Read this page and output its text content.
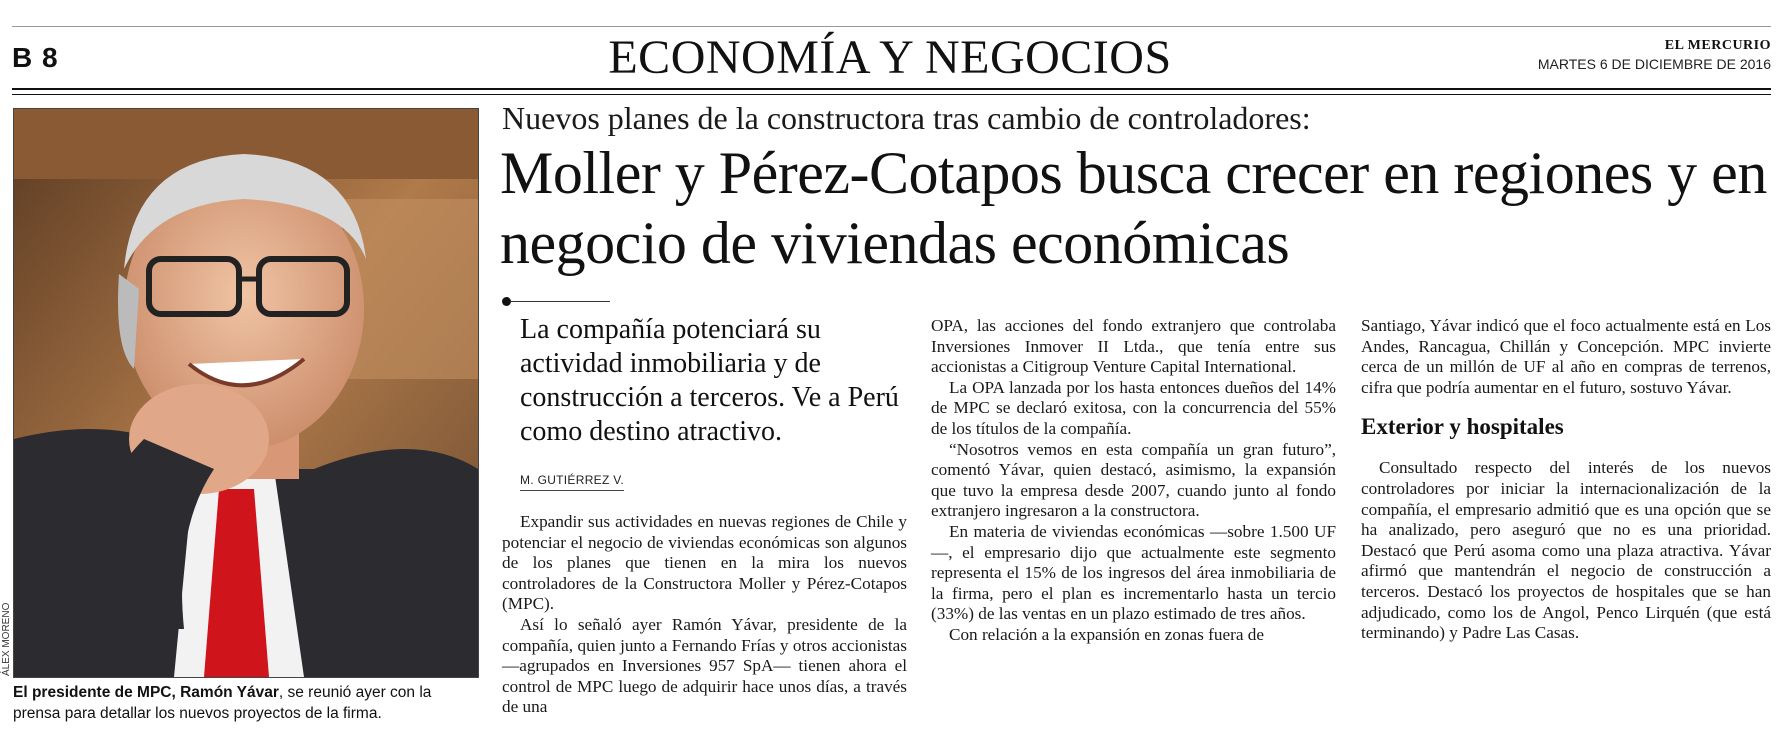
B 8	ECONOMÍA Y NEGOCIOS	EL MERCURIO
MARTES 6 DE DICIEMBRE DE 2016
ÁLEX MORENO
El presidente de MPC, Ramón Yávar, se reunió ayer con la prensa para detallar los nuevos proyectos de la firma.
Nuevos planes de la constructora tras cambio de controladores:
Moller y Pérez-Cotapos busca crecer en regiones y en negocio de viviendas económicas
La compañía potenciará su actividad inmobiliaria y de construcción a terceros. Ve a Perú como destino atractivo.
M. GUTIÉRREZ V.

Expandir sus actividades en nuevas regiones de Chile y potenciar el negocio de viviendas económicas son algunos de los planes que tienen en la mira los nuevos controladores de la Constructora Moller y Pérez-Cotapos (MPC).

Así lo señaló ayer Ramón Yávar, presidente de la compañía, quien junto a Fernando Frías y otros accionistas —agrupados en Inversiones 957 SpA— tienen ahora el control de MPC luego de adquirir hace unos días, a través de una

OPA, las acciones del fondo extranjero que controlaba Inversiones Inmover II Ltda., que tenía entre sus accionistas a Citigroup Venture Capital International.

La OPA lanzada por los hasta entonces dueños del 14% de MPC se declaró exitosa, con la concurrencia del 55% de los títulos de la compañía.

“Nosotros vemos en esta compañía un gran futuro”, comentó Yávar, quien destacó, asimismo, la expansión que tuvo la empresa desde 2007, cuando junto al fondo extranjero ingresaron a la constructora.

En materia de viviendas económicas —sobre 1.500 UF—, el empresario dijo que actualmente este segmento representa el 15% de los ingresos del área inmobiliaria de la firma, pero el plan es incrementarlo hasta un tercio (33%) de las ventas en un plazo estimado de tres años.

Con relación a la expansión en zonas fuera de

Santiago, Yávar indicó que el foco actualmente está en Los Andes, Rancagua, Chillán y Concepción. MPC invierte cerca de un millón de UF al año en compras de terrenos, cifra que podría aumentar en el futuro, sostuvo Yávar.

Exterior y hospitales

Consultado respecto del interés de los nuevos controladores por iniciar la internacionalización de la compañía, el empresario admitió que es una opción que se ha analizado, pero aseguró que no es una prioridad. Destacó que Perú asoma como una plaza atractiva. Yávar afirmó que mantendrán el negocio de construcción a terceros. Destacó los proyectos de hospitales que se han adjudicado, como los de Angol, Penco Lirquén (que está terminando) y Padre Las Casas.
